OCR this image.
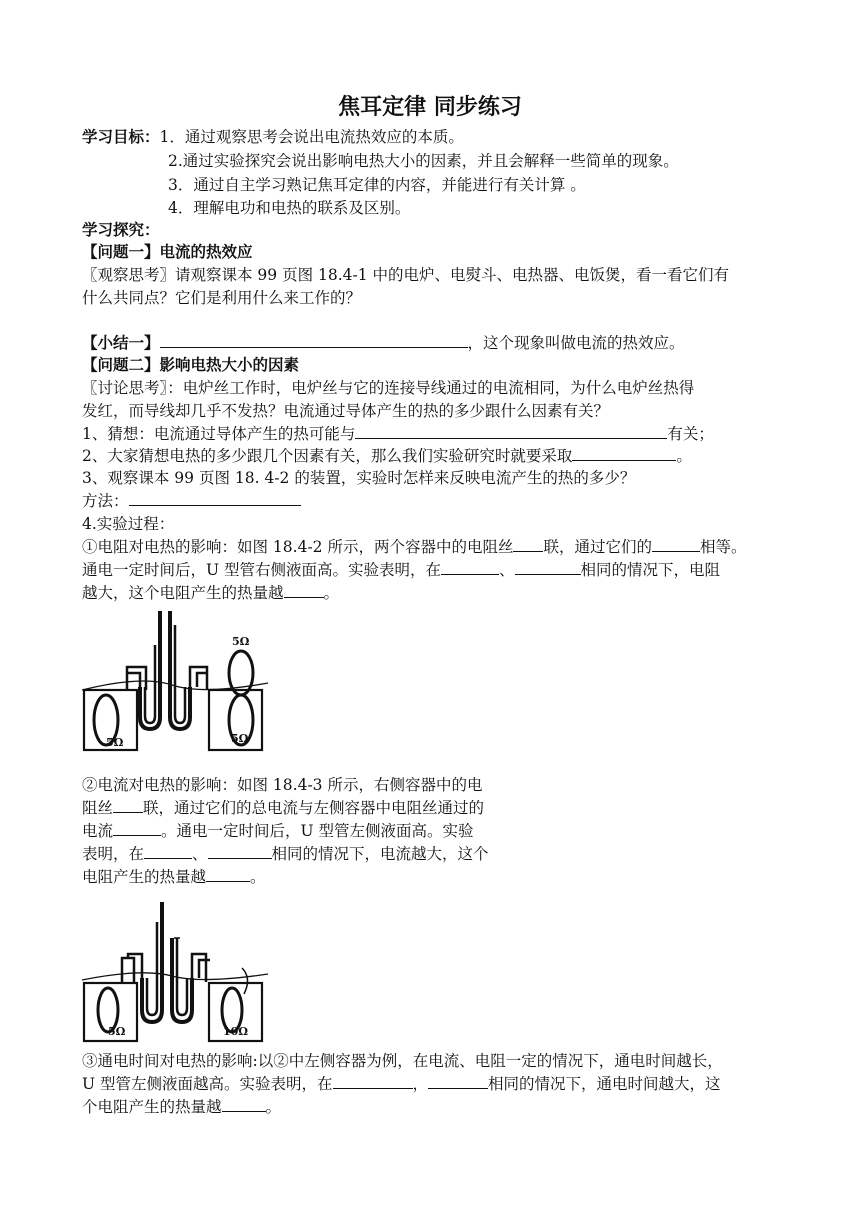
焦耳定律 同步练习
学习目标：1．通过观察思考会说出电流热效应的本质。
2.通过实验探究会说出影响电热大小的因素，并且会解释一些简单的现象。
3．通过自主学习熟记焦耳定律的内容，并能进行有关计算 。
4．理解电功和电热的联系及区别。
学习探究：
【问题一】电流的热效应
〖观察思考〗请观察课本 99 页图 18.4-1 中的电炉、电熨斗、电热器、电饭煲，看一看它们有
什么共同点？它们是利用什么来工作的？
【小结一】	，这个现象叫做电流的热效应。
【问题二】影响电热大小的因素
〖讨论思考〗：电炉丝工作时，电炉丝与它的连接导线通过的电流相同，为什么电炉丝热得
发红，而导线却几乎不发热？电流通过导体产生的热的多少跟什么因素有关？
1、猜想：电流通过导体产生的热可能与	有关；
2、大家猜想电热的多少跟几个因素有关，那么我们实验研究时就要采取	。
3、观察课本 99 页图 18. 4-2 的装置，实验时怎样来反映电流产生的热的多少？
方法：
4.实验过程：
①电阻对电热的影响：如图 18.4-2 所示，两个容器中的电阻丝 联，通过它们的	相等。
通电一定时间后，U 型管右侧液面高。实验表明，在	、	相同的情况下，电阻
越大，这个电阻产生的热量越	。
5Ω
5Ω	5Ω
②电流对电热的影响：如图 18.4-3 所示，右侧容器中的电
阻丝 联，通过它们的总电流与左侧容器中电阻丝通过的
电流	。通电一定时间后，U 型管左侧液面高。实验
表明，在	、	相同的情况下，电流越大，这个
电阻产生的热量越	。
5Ω	10Ω
③通电时间对电热的影响:以②中左侧容器为例，在电流、电阻一定的情况下，通电时间越长，
U 型管左侧液面越高。实验表明，在	，	相同的情况下，通电时间越大，这
个电阻产生的热量越	。
